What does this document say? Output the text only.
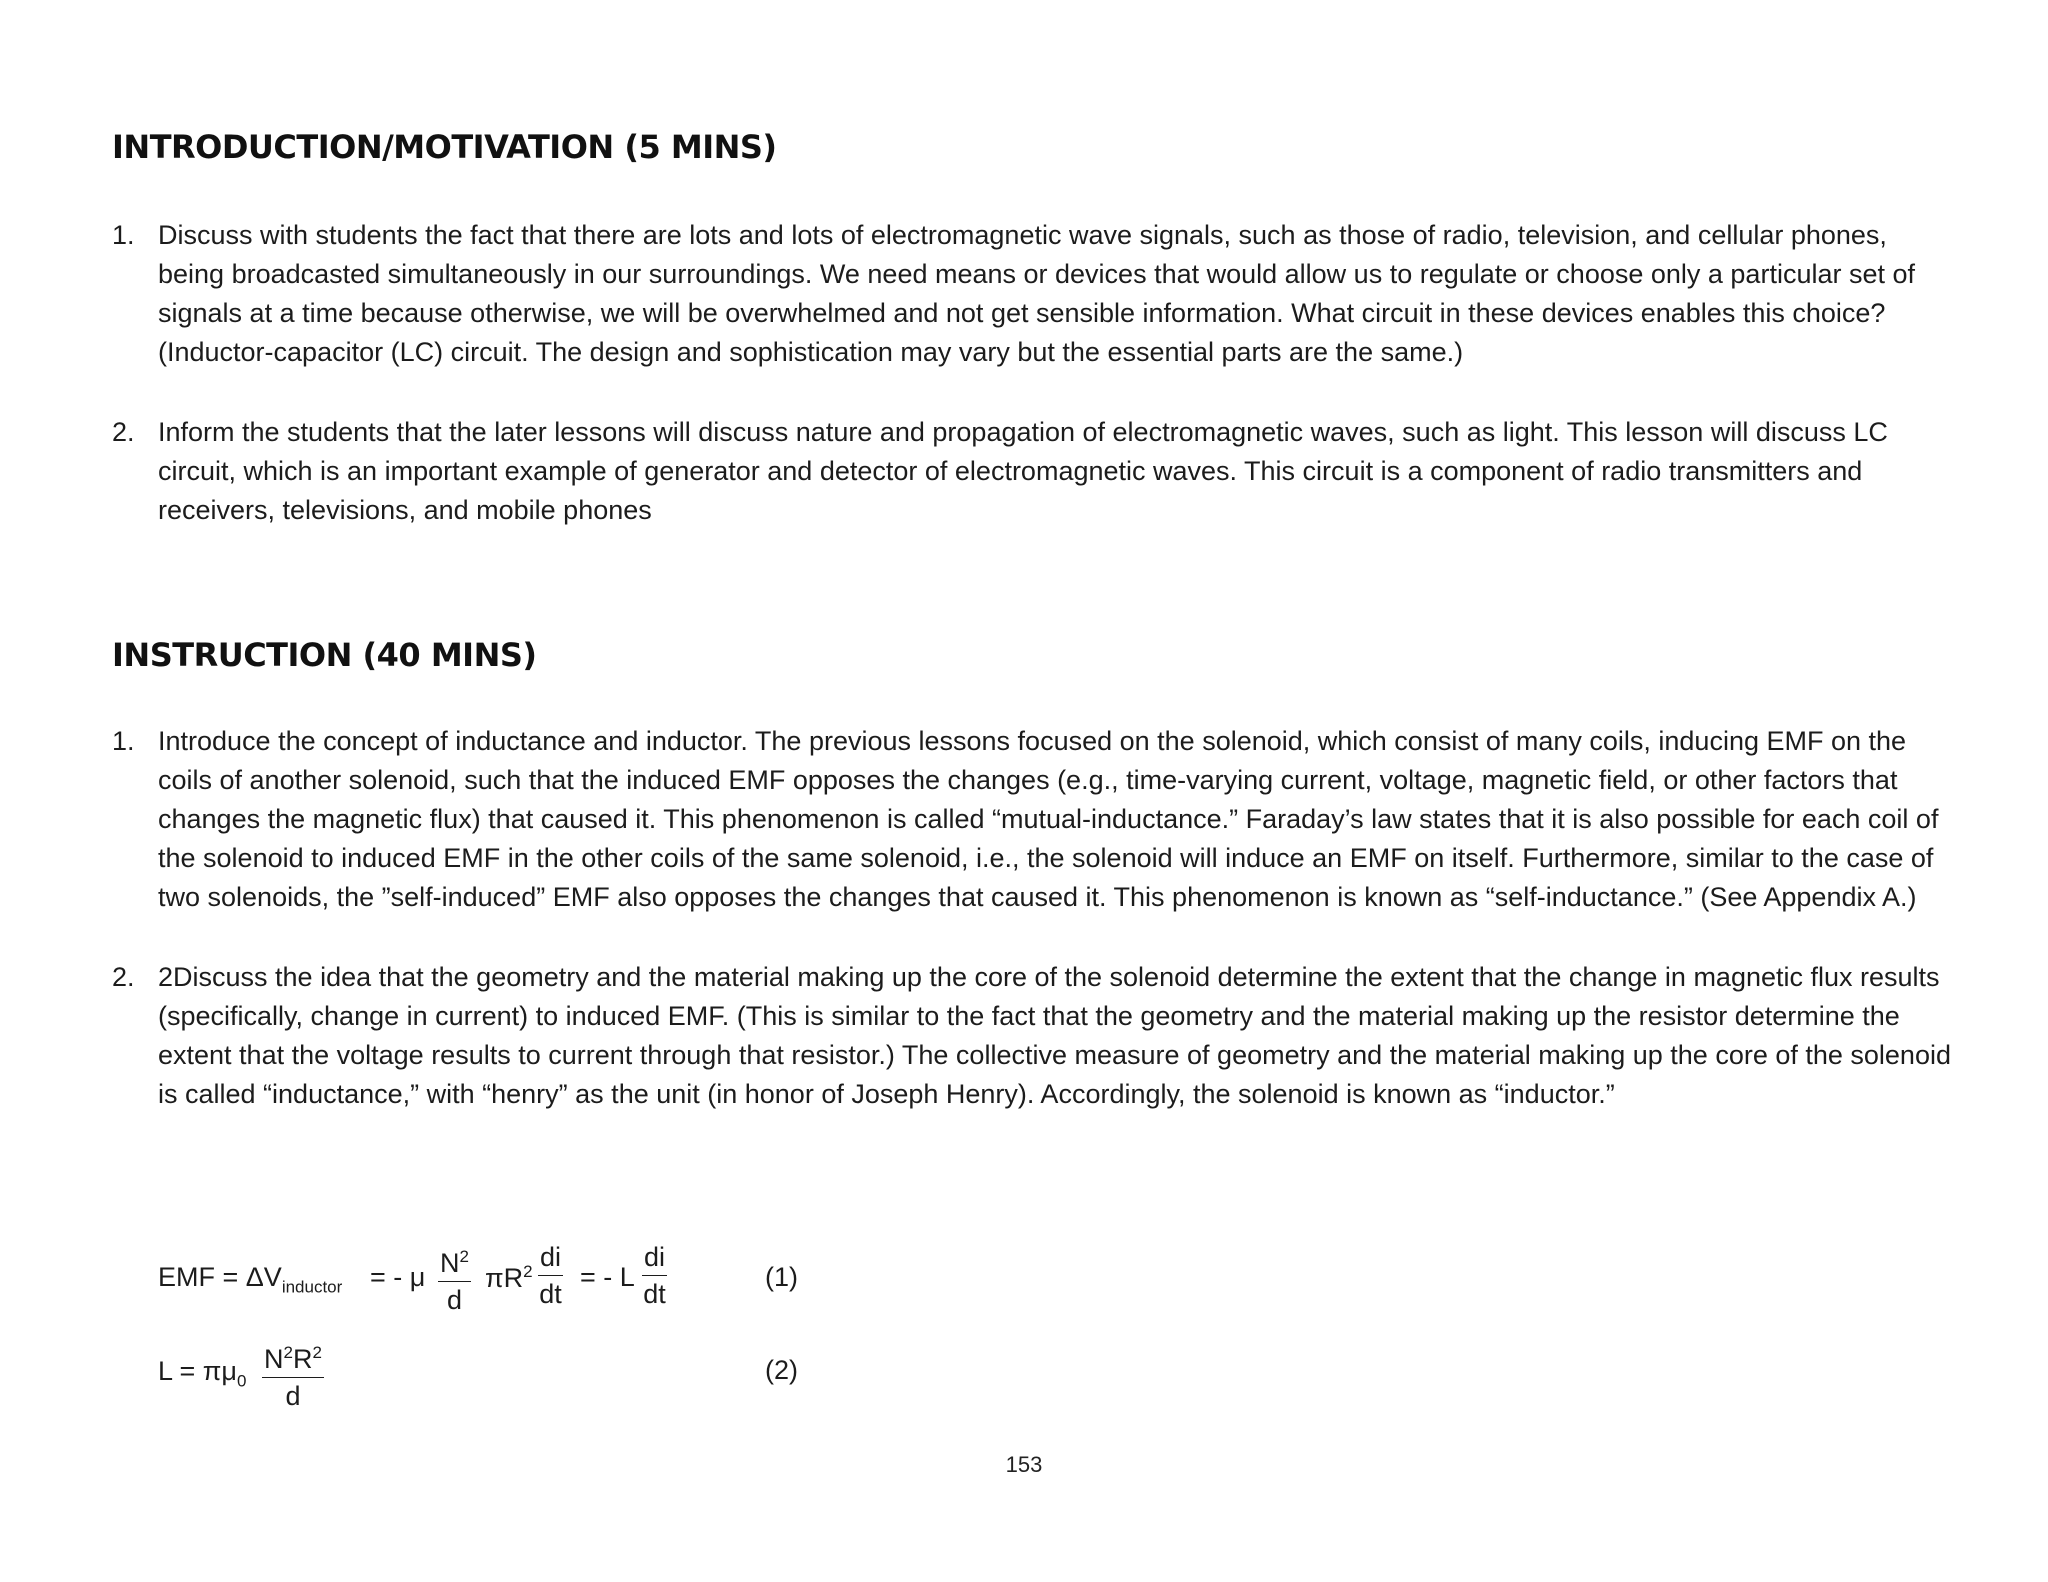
INTRODUCTION/MOTIVATION (5 MINS)
1. Discuss with students the fact that there are lots and lots of electromagnetic wave signals, such as those of radio, television, and cellular phones, being broadcasted simultaneously in our surroundings. We need means or devices that would allow us to regulate or choose only a particular set of signals at a time because otherwise, we will be overwhelmed and not get sensible information. What circuit in these devices enables this choice? (Inductor-capacitor (LC) circuit. The design and sophistication may vary but the essential parts are the same.)
2. Inform the students that the later lessons will discuss nature and propagation of electromagnetic waves, such as light. This lesson will discuss LC circuit, which is an important example of generator and detector of electromagnetic waves. This circuit is a component of radio transmitters and receivers, televisions, and mobile phones
INSTRUCTION (40 MINS)
1. Introduce the concept of inductance and inductor. The previous lessons focused on the solenoid, which consist of many coils, inducing EMF on the coils of another solenoid, such that the induced EMF opposes the changes (e.g., time-varying current, voltage, magnetic field, or other factors that changes the magnetic flux) that caused it. This phenomenon is called “mutual-inductance.” Faraday’s law states that it is also possible for each coil of the solenoid to induced EMF in the other coils of the same solenoid, i.e., the solenoid will induce an EMF on itself. Furthermore, similar to the case of two solenoids, the ”self-induced” EMF also opposes the changes that caused it. This phenomenon is known as “self-inductance.” (See Appendix A.)
2. 2Discuss the idea that the geometry and the material making up the core of the solenoid determine the extent that the change in magnetic flux results (specifically, change in current) to induced EMF. (This is similar to the fact that the geometry and the material making up the resistor determine the extent that the voltage results to current through that resistor.) The collective measure of geometry and the material making up the core of the solenoid is called “inductance,” with “henry” as the unit (in honor of Joseph Henry). Accordingly, the solenoid is known as “inductor.”
EMF = $\Delta V_{inductor}$ = - μ $\frac{N^2}{d} \pi R^2 \frac{di}{dt}$ = - L $\frac{di}{dt}$	(1)
$L = \pi\mu_0 \frac{N^2R^2}{d}$	(2)
153
